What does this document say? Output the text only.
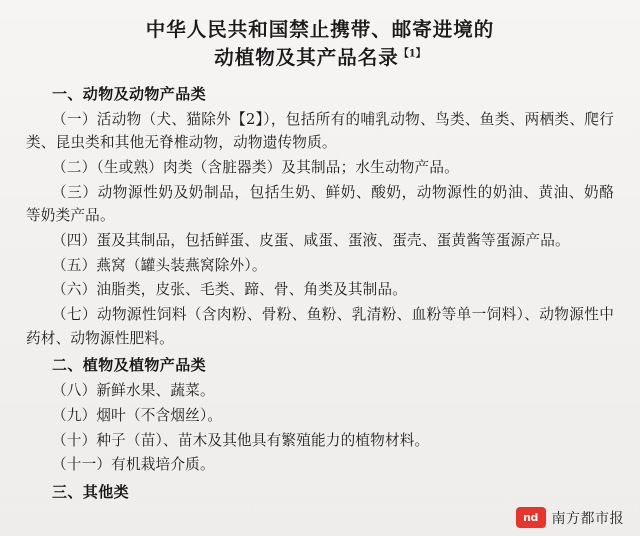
中华人民共和国禁止携带、邮寄进境的
动植物及其产品名录$^{【1】}$
一、动物及动物产品类

（一）活动物（犬、猫除外【2】），包括所有的哺乳动物、鸟类、鱼类、两栖类、爬行类、昆虫类和其他无脊椎动物，动物遗传物质。

（二）（生或熟）肉类（含脏器类）及其制品；水生动物产品。

（三）动物源性奶及奶制品，包括生奶、鲜奶、酸奶，动物源性的奶油、黄油、奶酪等奶类产品。

（四）蛋及其制品，包括鲜蛋、皮蛋、咸蛋、蛋液、蛋壳、蛋黄酱等蛋源产品。

（五）燕窝（罐头装燕窝除外）。

（六）油脂类，皮张、毛类、蹄、骨、角类及其制品。

（七）动物源性饲料（含肉粉、骨粉、鱼粉、乳清粉、血粉等单一饲料）、动物源性中药材、动物源性肥料。

二、植物及植物产品类

（八）新鲜水果、蔬菜。

（九）烟叶（不含烟丝）。

（十）种子（苗）、苗木及其他具有繁殖能力的植物材料。

（十一）有机栽培介质。

三、其他类
nd 南方都市报
